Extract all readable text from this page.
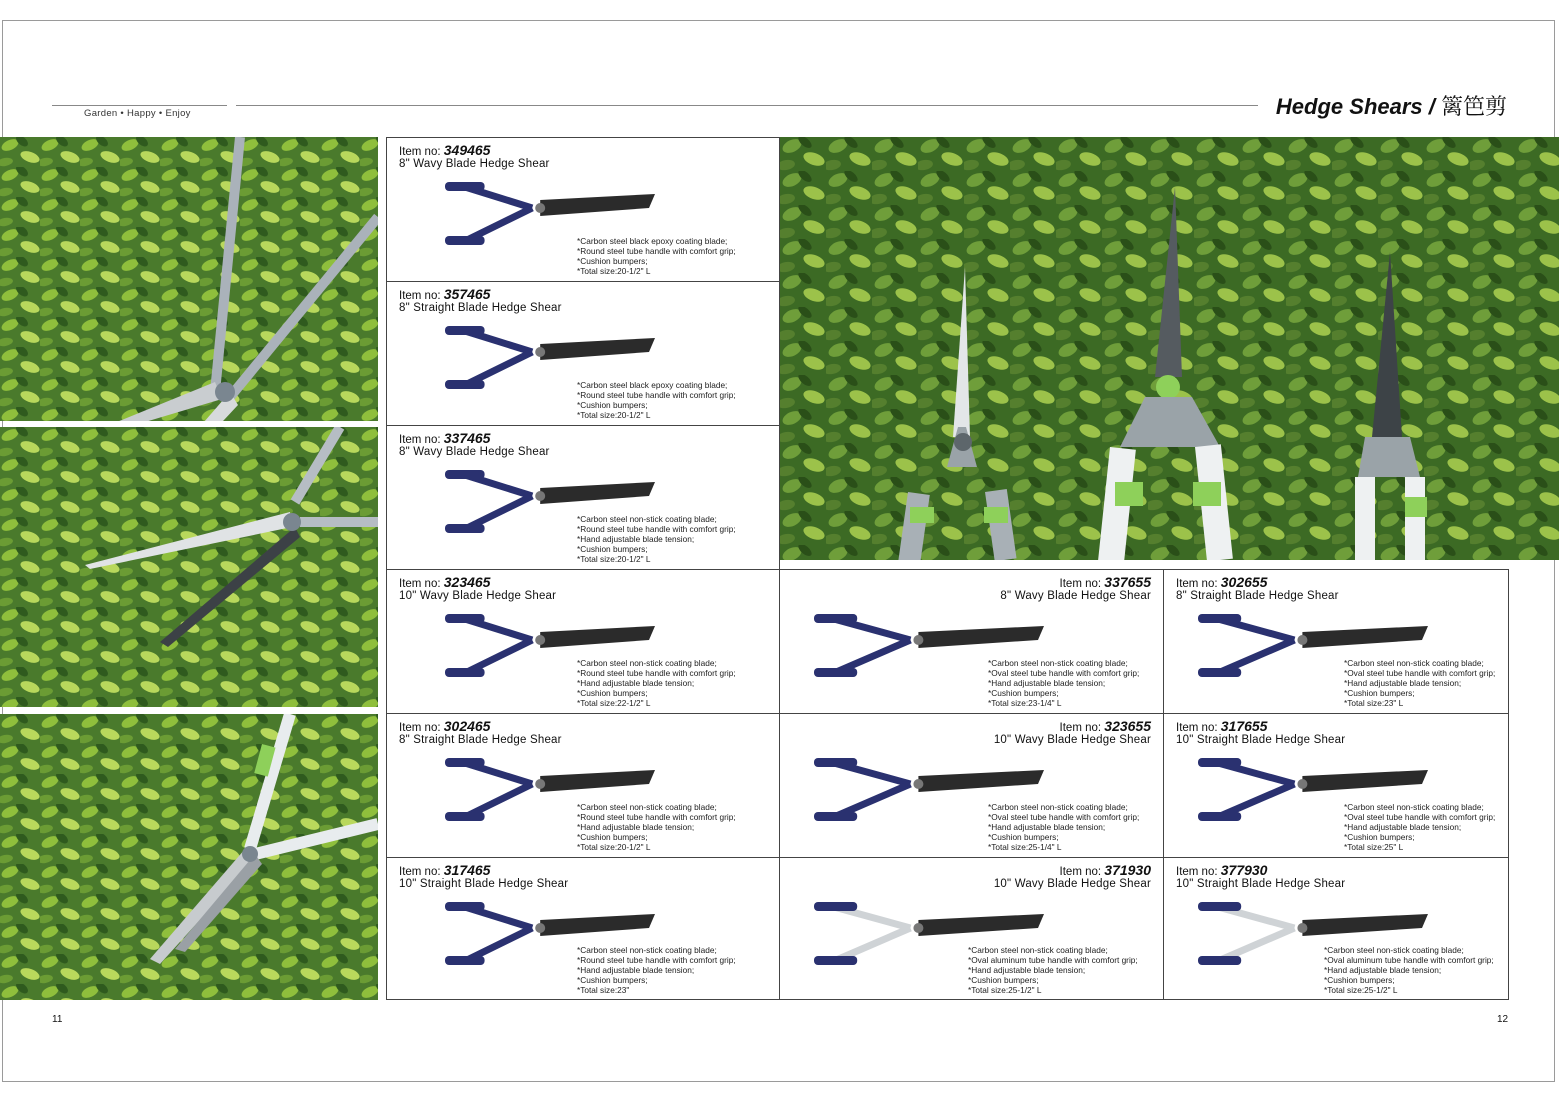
Garden • Happy • Enjoy	Hedge Shears / 篱笆剪
Item no: 349465
8" Wavy Blade Hedge Shear
*Carbon steel black epoxy coating blade;
*Round steel tube handle with comfort grip;
*Cushion bumpers;
*Total size:20-1/2" L
Item no: 357465
8" Straight Blade Hedge Shear
*Carbon steel black epoxy coating blade;
*Round steel tube handle with comfort grip;
*Cushion bumpers;
*Total size:20-1/2" L
Item no: 337465
8" Wavy Blade Hedge Shear
*Carbon steel non-stick coating blade;
*Round steel tube handle with comfort grip;
*Hand adjustable blade tension;
*Cushion bumpers;
*Total size:20-1/2" L
Item no: 323465
10" Wavy Blade Hedge Shear
*Carbon steel non-stick coating blade;
*Round steel tube handle with comfort grip;
*Hand adjustable blade tension;
*Cushion bumpers;
*Total size:22-1/2" L
Item no: 337655
8" Wavy Blade Hedge Shear
*Carbon steel non-stick coating blade;
*Oval steel tube handle with comfort grip;
*Hand adjustable blade tension;
*Cushion bumpers;
*Total size:23-1/4" L
Item no: 302655
8" Straight Blade Hedge Shear
*Carbon steel non-stick coating blade;
*Oval steel tube handle with comfort grip;
*Hand adjustable blade tension;
*Cushion bumpers;
*Total size:23" L
Item no: 302465
8" Straight Blade Hedge Shear
*Carbon steel non-stick coating blade;
*Round steel tube handle with comfort grip;
*Hand adjustable blade tension;
*Cushion bumpers;
*Total size:20-1/2" L
Item no: 323655
10" Wavy Blade Hedge Shear
*Carbon steel non-stick coating blade;
*Oval steel tube handle with comfort grip;
*Hand adjustable blade tension;
*Cushion bumpers;
*Total size:25-1/4" L
Item no: 317655
10" Straight Blade Hedge Shear
*Carbon steel non-stick coating blade;
*Oval steel tube handle with comfort grip;
*Hand adjustable blade tension;
*Cushion bumpers;
*Total size:25" L
Item no: 317465
10" Straight Blade Hedge Shear
*Carbon steel non-stick coating blade;
*Round steel tube handle with comfort grip;
*Hand adjustable blade tension;
*Cushion bumpers;
*Total size:23"
Item no: 371930
10" Wavy Blade Hedge Shear
*Carbon steel non-stick coating blade;
*Oval aluminum tube handle with comfort grip;
*Hand adjustable blade tension;
*Cushion bumpers;
*Total size:25-1/2" L
Item no: 377930
10" Straight Blade Hedge Shear
*Carbon steel non-stick coating blade;
*Oval aluminum tube handle with comfort grip;
*Hand adjustable blade tension;
*Cushion bumpers;
*Total size:25-1/2" L
11	12
